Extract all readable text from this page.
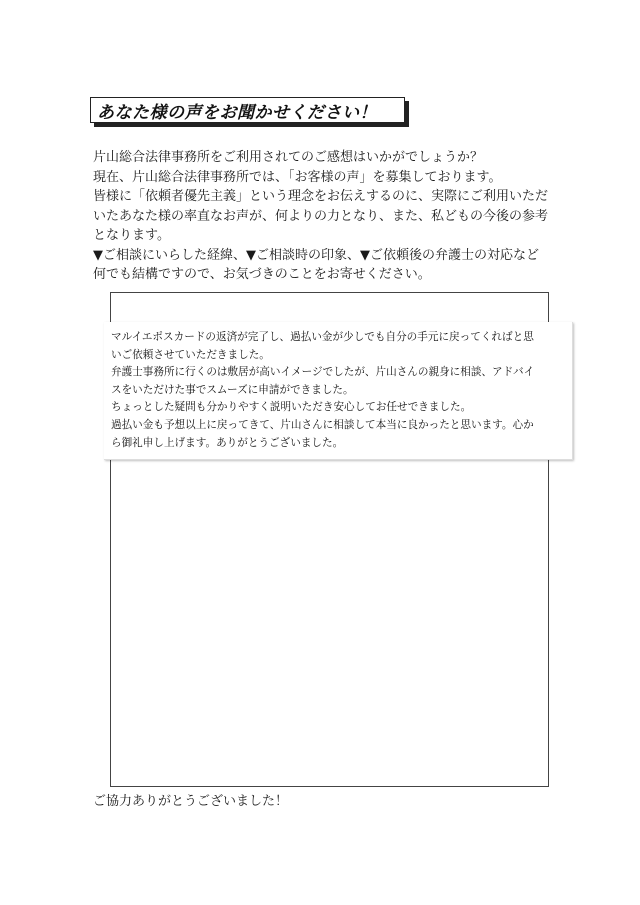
あなた様の声をお聞かせください！

片山総合法律事務所をご利用されてのご感想はいかがでしょうか？

現在、片山総合法律事務所では、「お客様の声」を募集しております。

皆様に「依頼者優先主義」という理念をお伝えするのに、実際にご利用いただ

いたあなた様の率直なお声が、何よりの力となり、また、私どもの今後の参考

となります。

▼ご相談にいらした経緯、▼ご相談時の印象、▼ご依頼後の弁護士の対応など

何でも結構ですので、お気づきのことをお寄せください。

マルイエポスカードの返済が完了し、過払い金が少しでも自分の手元に戻ってくればと思

いご依頼させていただきました。

弁護士事務所に行くのは敷居が高いイメージでしたが、片山さんの親身に相談、アドバイ

スをいただけた事でスムーズに申請ができました。

ちょっとした疑問も分かりやすく説明いただき安心してお任せできました。

過払い金も予想以上に戻ってきて、片山さんに相談して本当に良かったと思います。心か

ら御礼申し上げます。ありがとうございました。

ご協力ありがとうございました！
